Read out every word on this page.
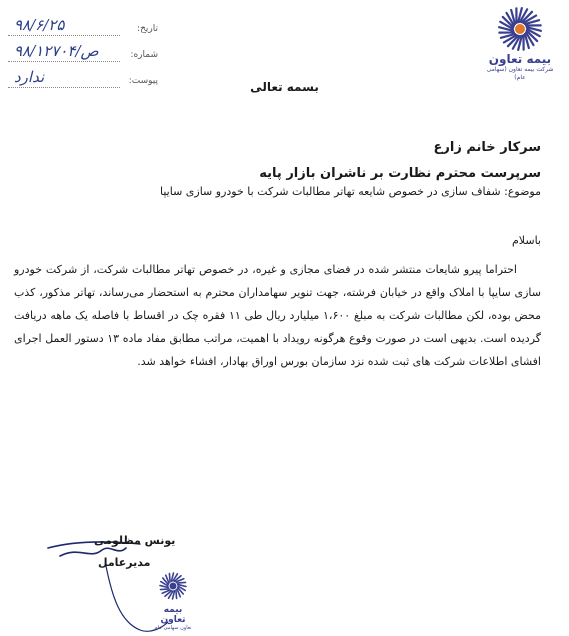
بیمه تعاون
شرکت بیمه تعاون (سهامی عام)
تاریخ:
۹۸/۶/۲۵
شماره:
۹۸/ص/۱۲۷۰۴
پیوست:
ندارد
بسمه تعالی
سرکار خانم زارع
سرپرست محترم نظارت بر ناشران بازار پایه
موضوع: شفاف سازی در خصوص شایعه تهاتر مطالبات شرکت با خودرو سازی سایپا
باسلام

احتراما پیرو شایعات منتشر شده در فضای مجازی و غیره، در خصوص تهاتر مطالبات شرکت، از شرکت خودرو سازی سایپا با املاک واقع در خیابان فرشته، جهت تنویر سهامداران محترم به استحضار می‌رساند، تهاتر مذکور، کذب محض بوده، لکن مطالبات شرکت به مبلغ ۱،۶۰۰ میلیارد ریال طی ۱۱ فقره چک در اقساط با فاصله یک ماهه دریافت گردیده است. بدیهی است در صورت وقوع هرگونه رویداد با اهمیت، مراتب مطابق مفاد ماده ۱۳ دستور العمل اجرای افشای اطلاعات شرکت های ثبت شده نزد سازمان بورس اوراق بهادار، افشاء خواهد شد.

یونس مظلومی
مدیرعامل
بیمه تعاون
تعاون سهامی عام
